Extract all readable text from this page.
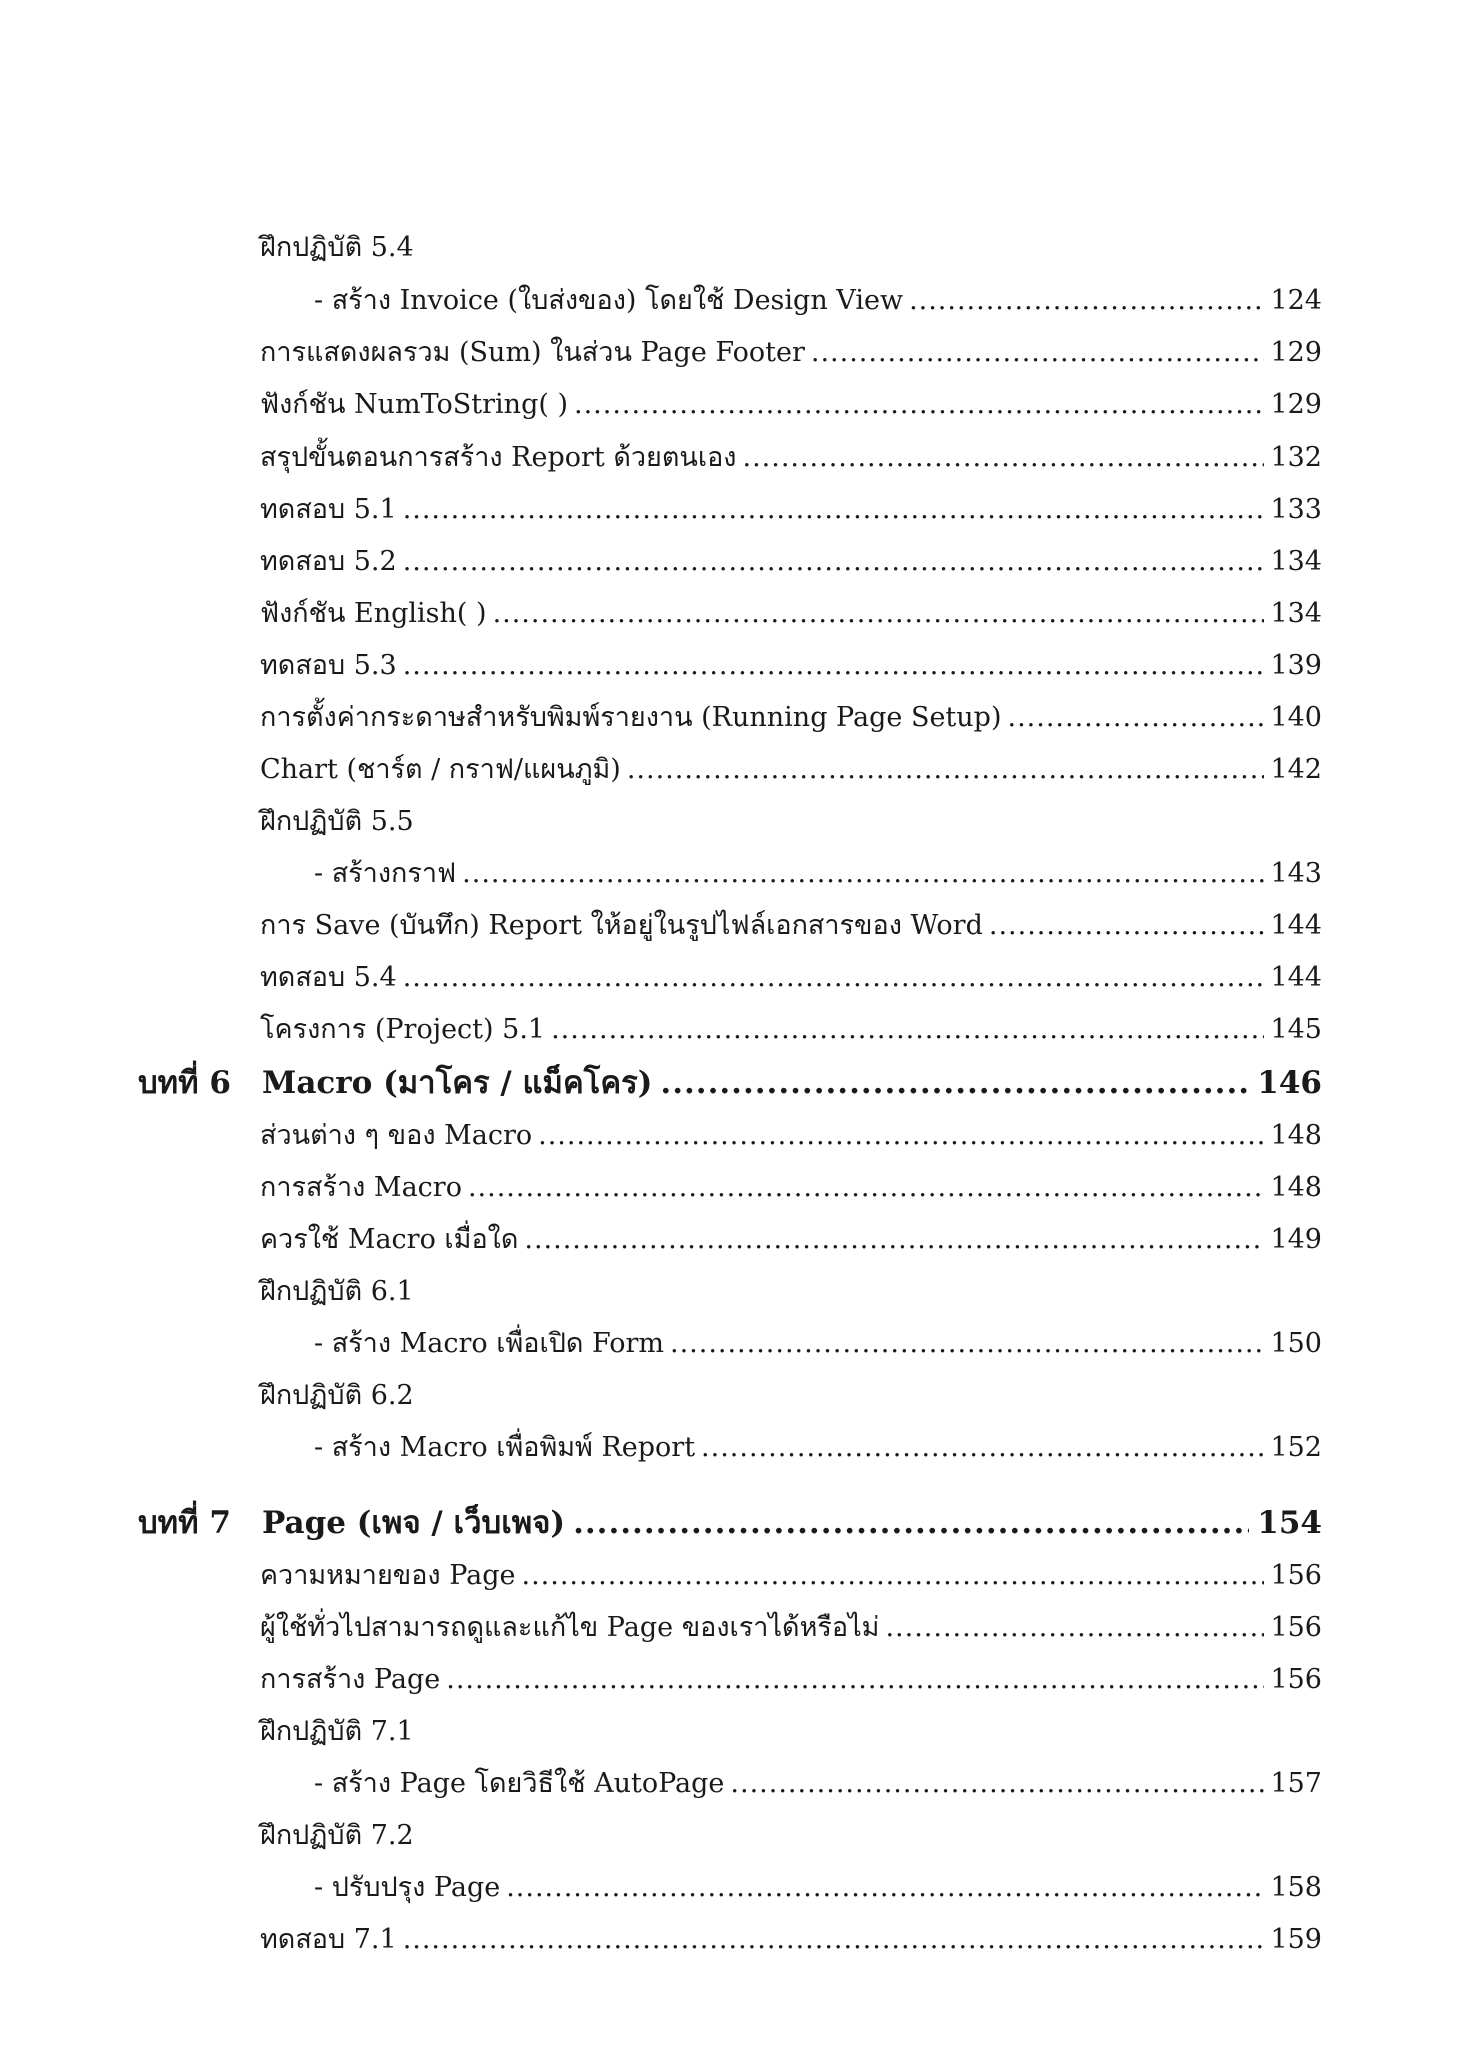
ฝึกปฏิบัติ 5.4
- สร้าง Invoice (ใบส่งของ) โดยใช้ Design View .....	124
การแสดงผลรวม (Sum) ในส่วน Page Footer .....	129
ฟังก์ชัน NumToString( ) .....	129
สรุปขั้นตอนการสร้าง Report ด้วยตนเอง .....	132
ทดสอบ 5.1 .....	133
ทดสอบ 5.2 .....	134
ฟังก์ชัน English( ) .....	134
ทดสอบ 5.3 .....	139
การตั้งค่ากระดาษสำหรับพิมพ์รายงาน (Running Page Setup) .....	140
Chart (ชาร์ต / กราฟ/แผนภูมิ) .....	142
ฝึกปฏิบัติ 5.5
- สร้างกราฟ .....	143
การ Save (บันทึก) Report ให้อยู่ในรูปไฟล์เอกสารของ Word .....	144
ทดสอบ 5.4 .....	144
โครงการ (Project) 5.1 .....	145
บทที่ 6	Macro (มาโคร / แม็คโคร) .....	146
ส่วนต่าง ๆ ของ Macro .....	148
การสร้าง Macro .....	148
ควรใช้ Macro เมื่อใด .....	149
ฝึกปฏิบัติ 6.1
- สร้าง Macro เพื่อเปิด Form .....	150
ฝึกปฏิบัติ 6.2
- สร้าง Macro เพื่อพิมพ์ Report .....	152
บทที่ 7	Page (เพจ / เว็บเพจ) .....	154
ความหมายของ Page .....	156
ผู้ใช้ทั่วไปสามารถดูและแก้ไข Page ของเราได้หรือไม่ .....	156
การสร้าง Page .....	156
ฝึกปฏิบัติ 7.1
- สร้าง Page โดยวิธีใช้ AutoPage .....	157
ฝึกปฏิบัติ 7.2
- ปรับปรุง Page .....	158
ทดสอบ 7.1 .....	159
